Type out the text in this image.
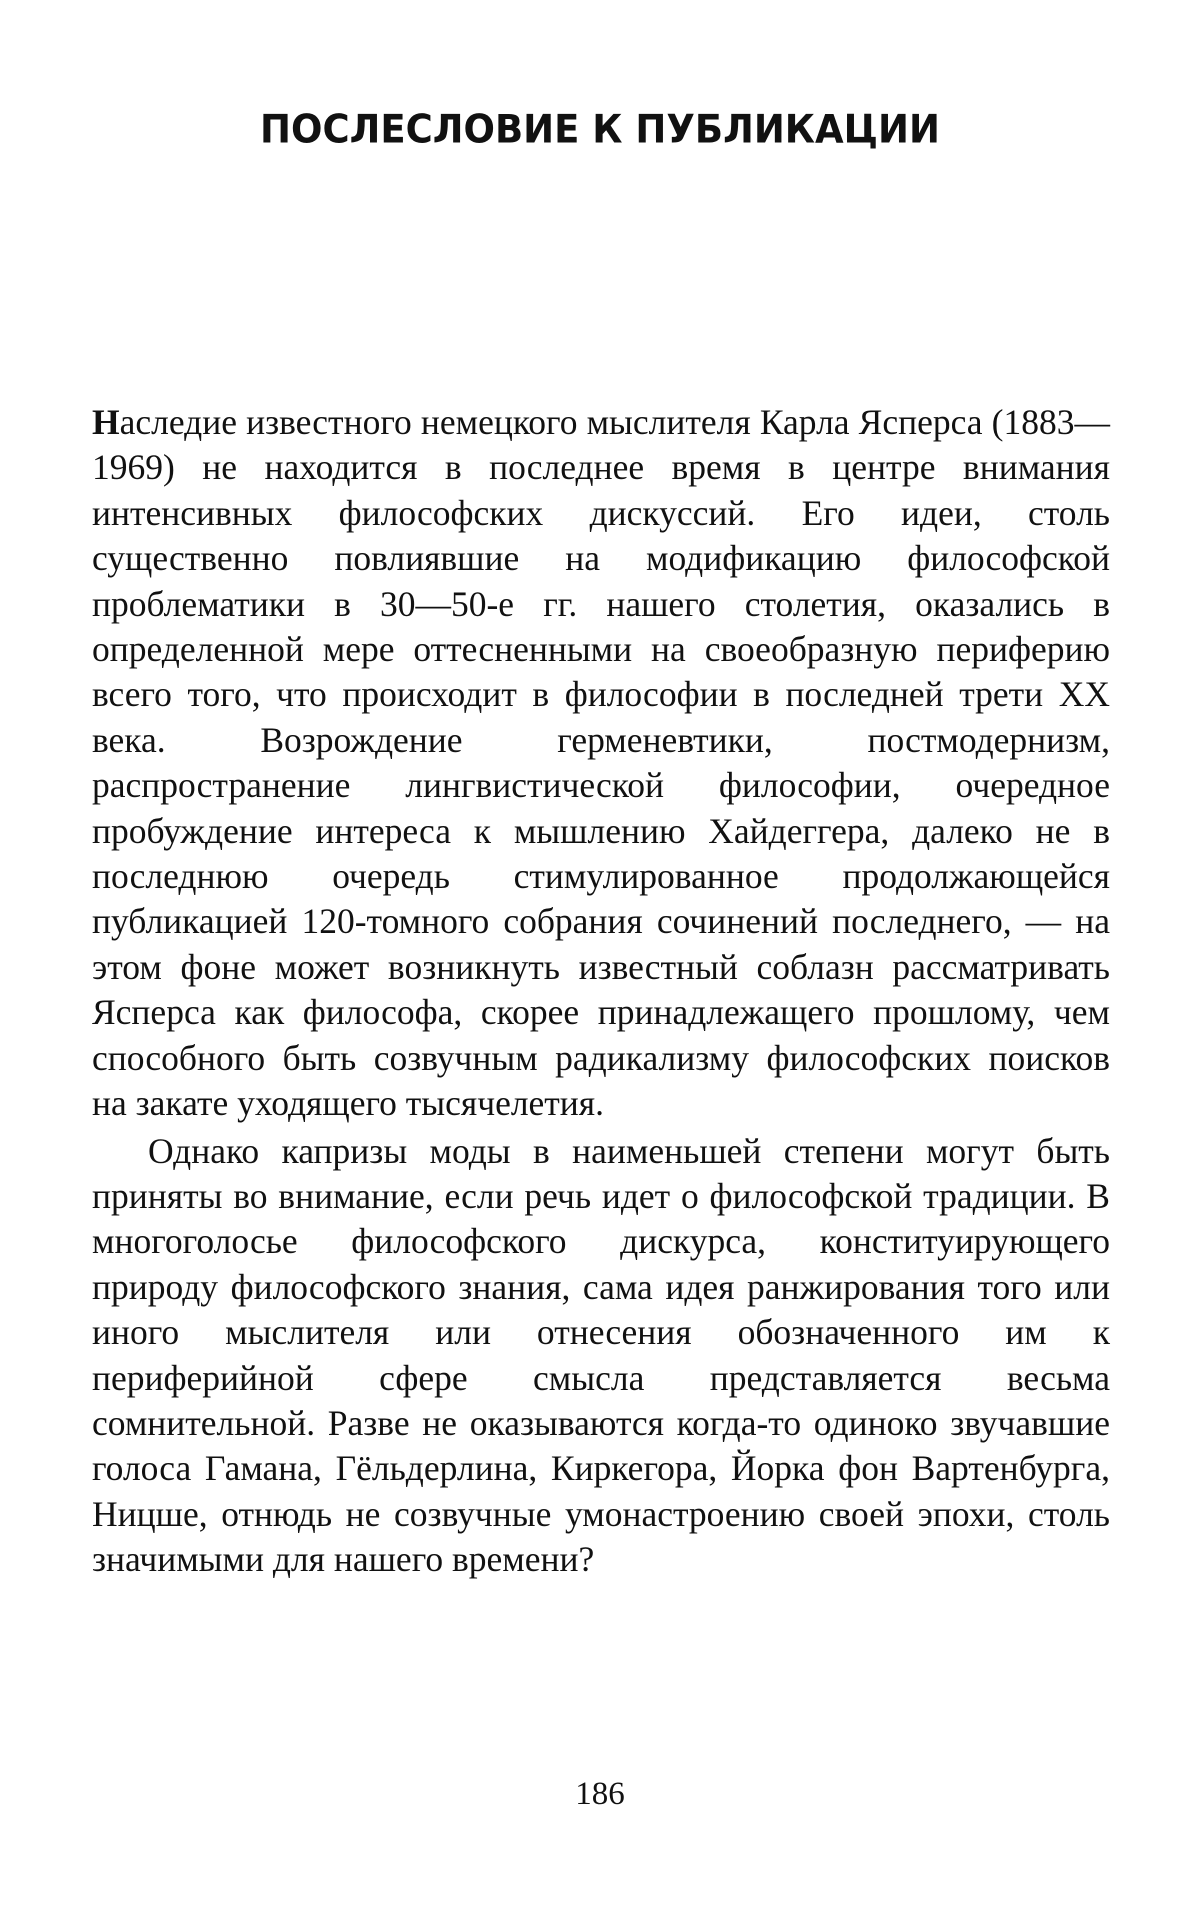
ПОСЛЕСЛОВИЕ К ПУБЛИКАЦИИ

Наследие известного немецкого мыслителя Карла Ясперса (1883—1969) не находится в последнее время в центре внимания интенсивных философских дискуссий. Его идеи, столь существенно повлиявшие на модификацию философской проблематики в 30—50-е гг. нашего столетия, оказались в определенной мере оттесненными на своеобразную периферию всего того, что происходит в философии в последней трети XX века. Возрождение герменевтики, постмодернизм, распространение лингвистической философии, очередное пробуждение интереса к мышлению Хайдеггера, далеко не в последнюю очередь стимулированное продолжающейся публикацией 120-томного собрания сочинений последнего, — на этом фоне может возникнуть известный соблазн рассматривать Ясперса как философа, скорее принадлежащего прошлому, чем способного быть созвучным радикализму философских поисков на закате уходящего тысячелетия.

Однако капризы моды в наименьшей степени могут быть приняты во внимание, если речь идет о философской традиции. В многоголосье философского дискурса, конституирующего природу философского знания, сама идея ранжирования того или иного мыслителя или отнесения обозначенного им к периферийной сфере смысла представляется весьма сомнительной. Разве не оказываются когда-то одиноко звучавшие голоса Гамана, Гёльдерлина, Киркегора, Йорка фон Вартенбурга, Ницше, отнюдь не созвучные умонастроению своей эпохи, столь значимыми для нашего времени?

186
